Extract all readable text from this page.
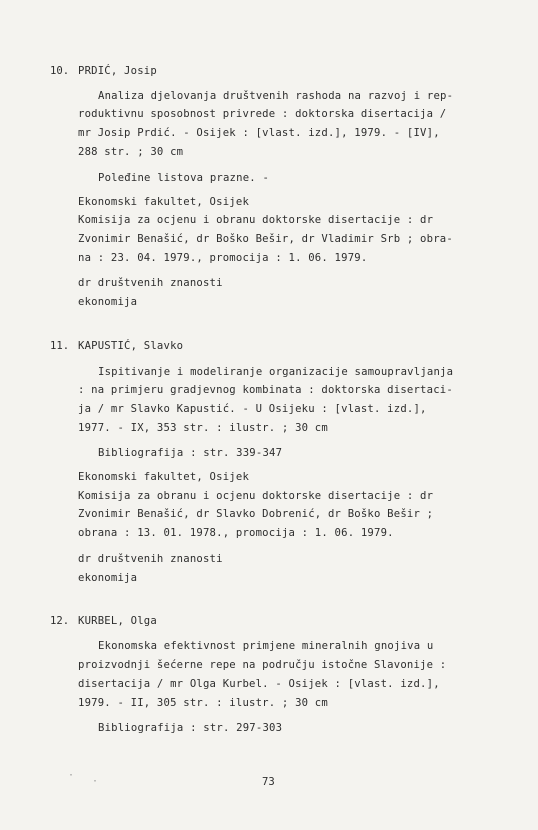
10. PRDIĆ, Josip
Analiza djelovanja društvenih rashoda na razvoj i rep-
roduktivnu sposobnost privrede : doktorska disertacija /
mr Josip Prdić. - Osijek : [vlast. izd.], 1979. - [IV],
288 str. ; 30 cm
Poleđine listova prazne. -
Ekonomski fakultet, Osijek
Komisija za ocjenu i obranu doktorske disertacije : dr
Zvonimir Benašić, dr Boško Bešir, dr Vladimir Srb ; obra-
na : 23. 04. 1979., promocija : 1. 06. 1979.
dr društvenih znanosti
ekonomija
11. KAPUSTIĆ, Slavko
Ispitivanje i modeliranje organizacije samoupravljanja
: na primjeru gradjevnog kombinata : doktorska disertaci-
ja / mr Slavko Kapustić. - U Osijeku : [vlast. izd.],
1977. - IX, 353 str. : ilustr. ; 30 cm
Bibliografija : str. 339-347
Ekonomski fakultet, Osijek
Komisija za obranu i ocjenu doktorske disertacije : dr
Zvonimir Benašić, dr Slavko Dobrenić, dr Boško Bešir ;
obrana : 13. 01. 1978., promocija : 1. 06. 1979.
dr društvenih znanosti
ekonomija
12. KURBEL, Olga
Ekonomska efektivnost primjene mineralnih gnojiva u
proizvodnji šećerne repe na području istočne Slavonije :
disertacija / mr Olga Kurbel. - Osijek : [vlast. izd.],
1979. - II, 305 str. : ilustr. ; 30 cm
Bibliografija : str. 297-303
73
·
·
